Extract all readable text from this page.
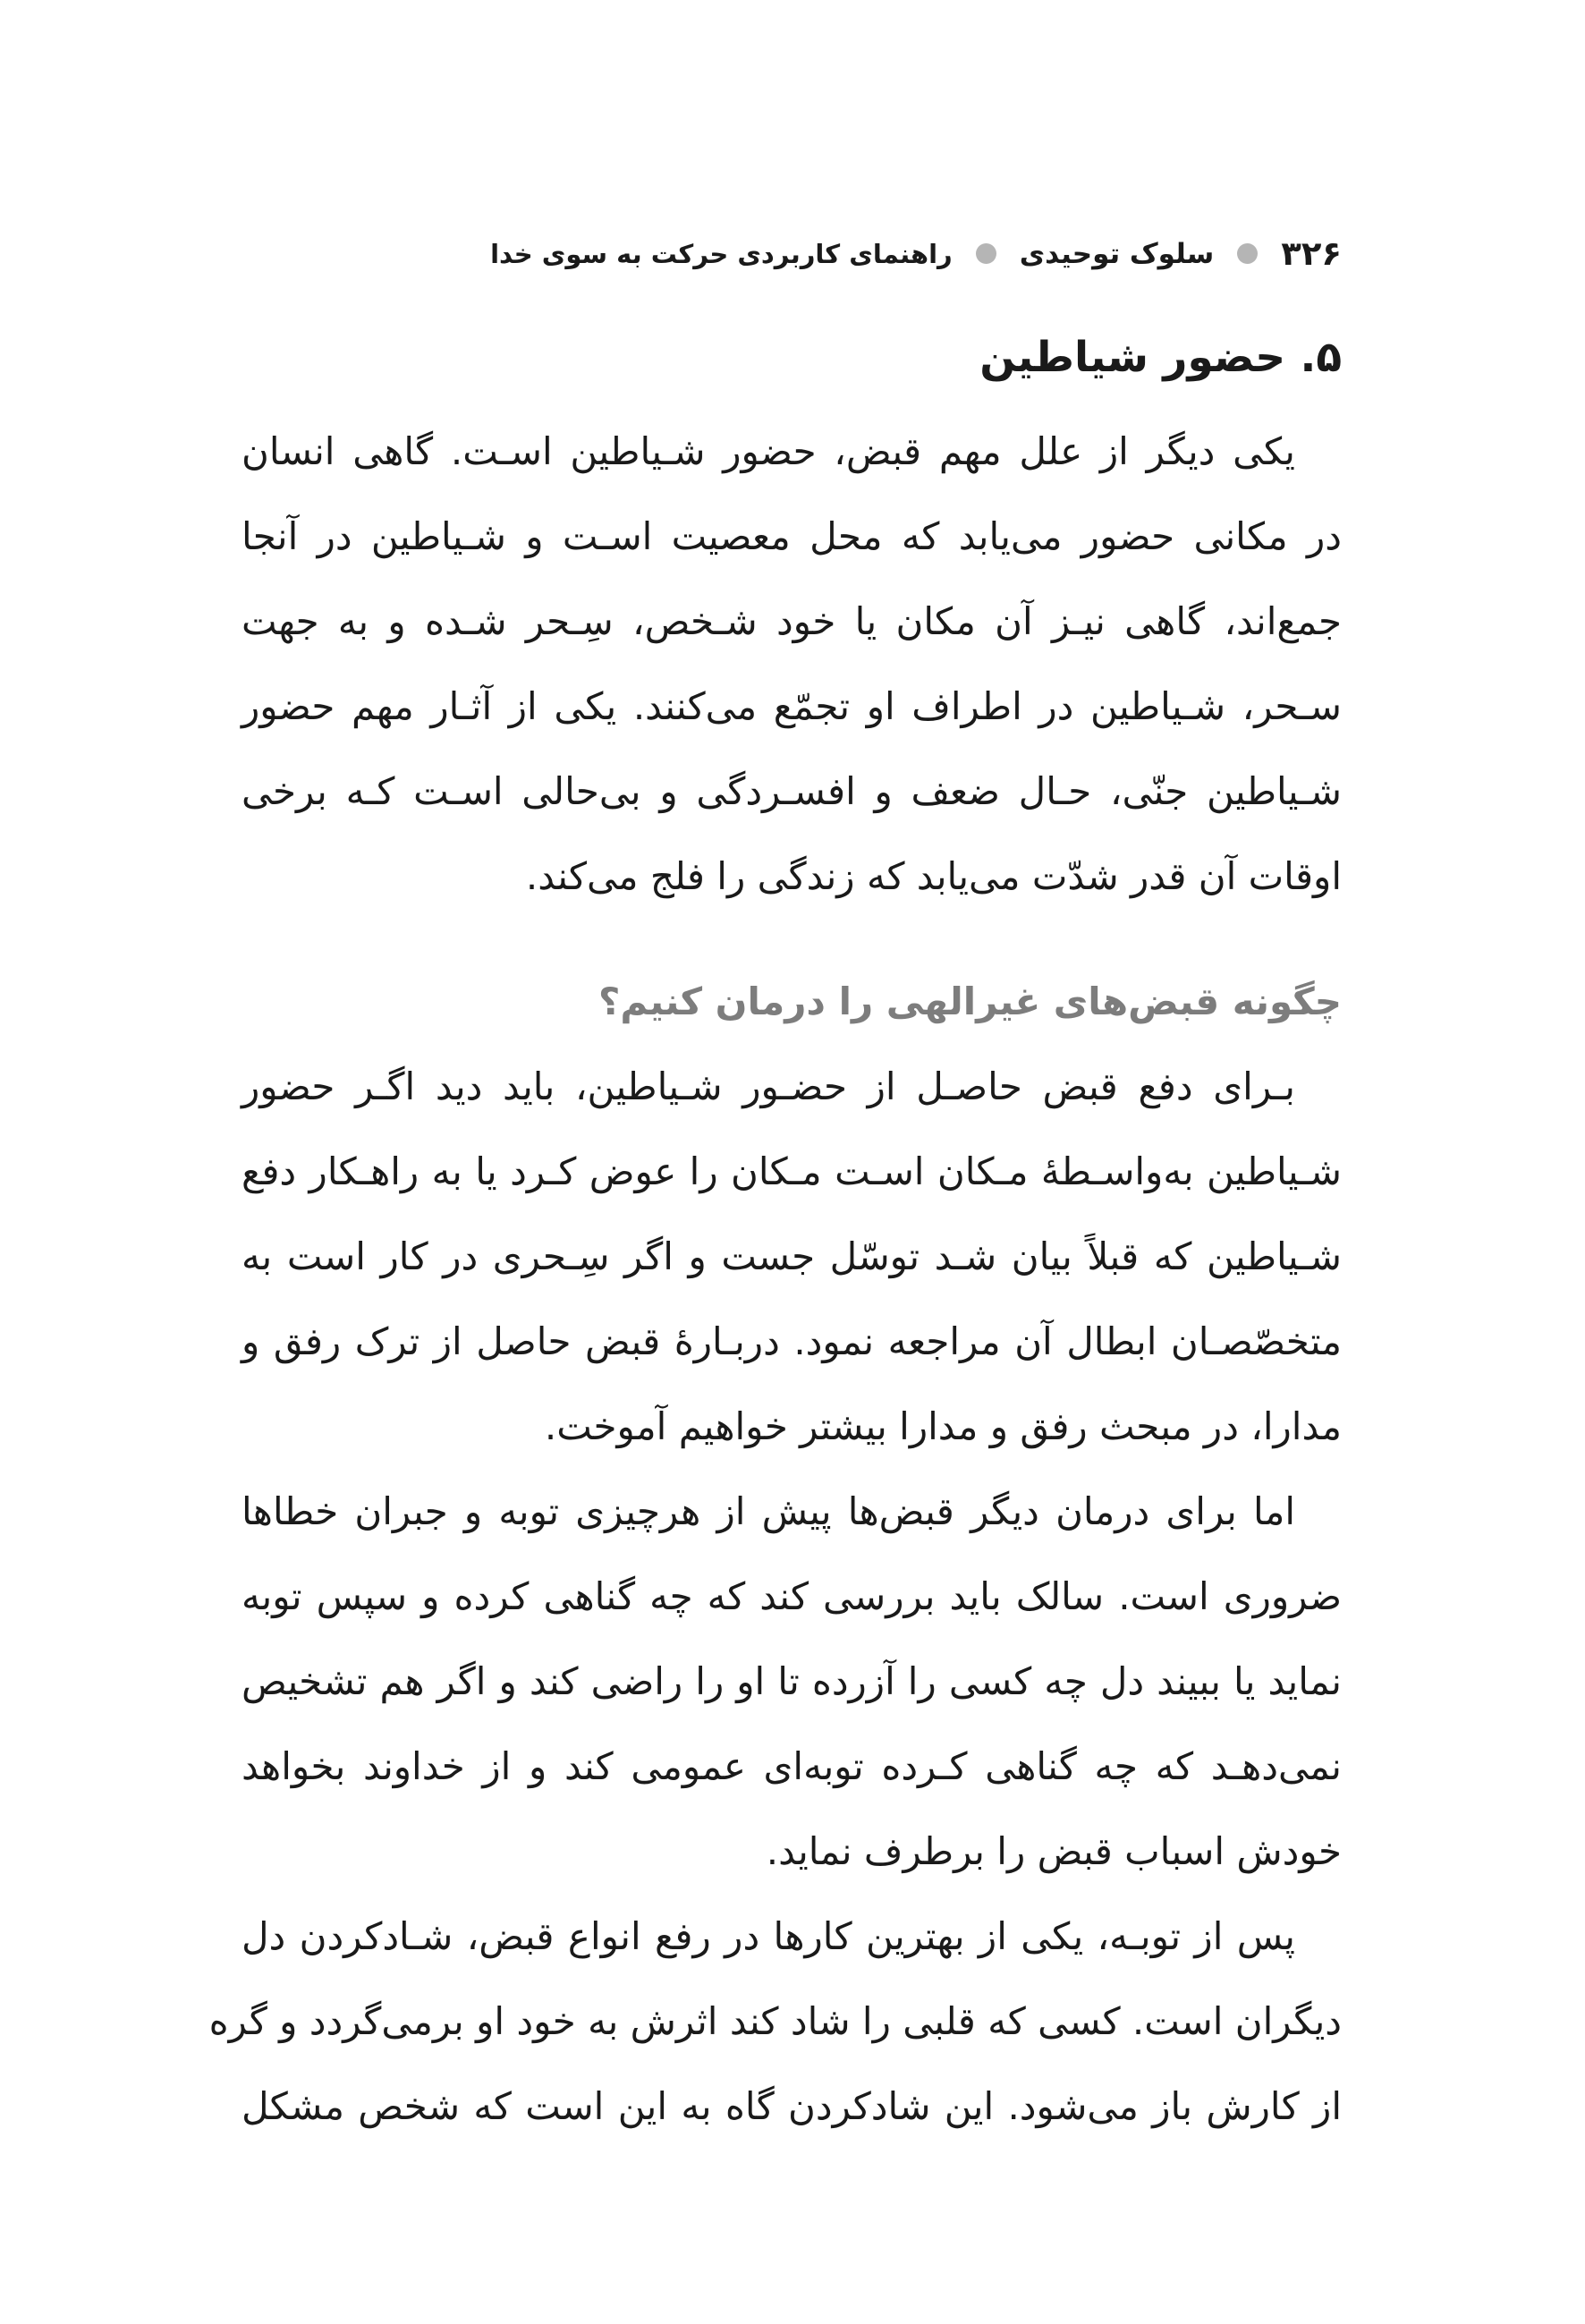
۳۲۶
سلوک توحیدی
راهنمای کاربردی حرکت به سوی خدا
۵. حضور شیاطین
یکی دیگر از علل مهم قبض، حضور شـیاطین اسـت. گاهی انسان
در مکانی حضور می‌یابد که محل معصیت اسـت و شـیاطین در آنجا
جمع‌اند، گاهی نیـز آن مکان یا خود شـخص، سِـحر شـده و به جهت
سـحر، شـیاطین در اطراف او تجمّع می‌کنند. یکی از آثـار مهم حضور
شـیاطین جنّی، حـال ضعف و افسـردگی و بی‌حالی اسـت کـه برخی
اوقات آن قدر شدّت می‌یابد که زندگی را فلج می‌کند.
چگونه قبض‌های غیرالهی را درمان کنیم؟
بـرای دفع قبض حاصـل از حضـور شـیاطین، باید دید اگـر حضور
شـیاطین به‌واسـطۀ مـکان اسـت مـکان را عوض کـرد یا به راهـکار دفع
شـیاطین که قبلاً بیان شـد توسّل جست و اگر سِـحری در کار است به
متخصّصـان ابطال آن مراجعه نمود. دربـارۀ قبض حاصل از ترک رفق و
مدارا، در مبحث رفق و مدارا بیشتر خواهیم آموخت.
اما برای درمان دیگر قبض‌ها پیش از هرچیزی توبه و جبران خطاها
ضروری است. سالک باید بررسی کند که چه گناهی کرده و سپس توبه
نماید یا ببیند دل چه کسی را آزرده تا او را راضی کند و اگر هم تشخیص
نمی‌دهـد که چه گناهی کـرده توبه‌ای عمومی کند و از خداوند بخواهد
خودش اسباب قبض را برطرف نماید.
پس از توبـه، یکی از بهترین کارها در رفع انواع قبض، شـادکردن دل
دیگران است. کسی که قلبی را شاد کند اثرش به خود او برمی‌گردد و گره
از کارش باز می‌شود. این شادکردن گاه به این است که شخص مشکل
